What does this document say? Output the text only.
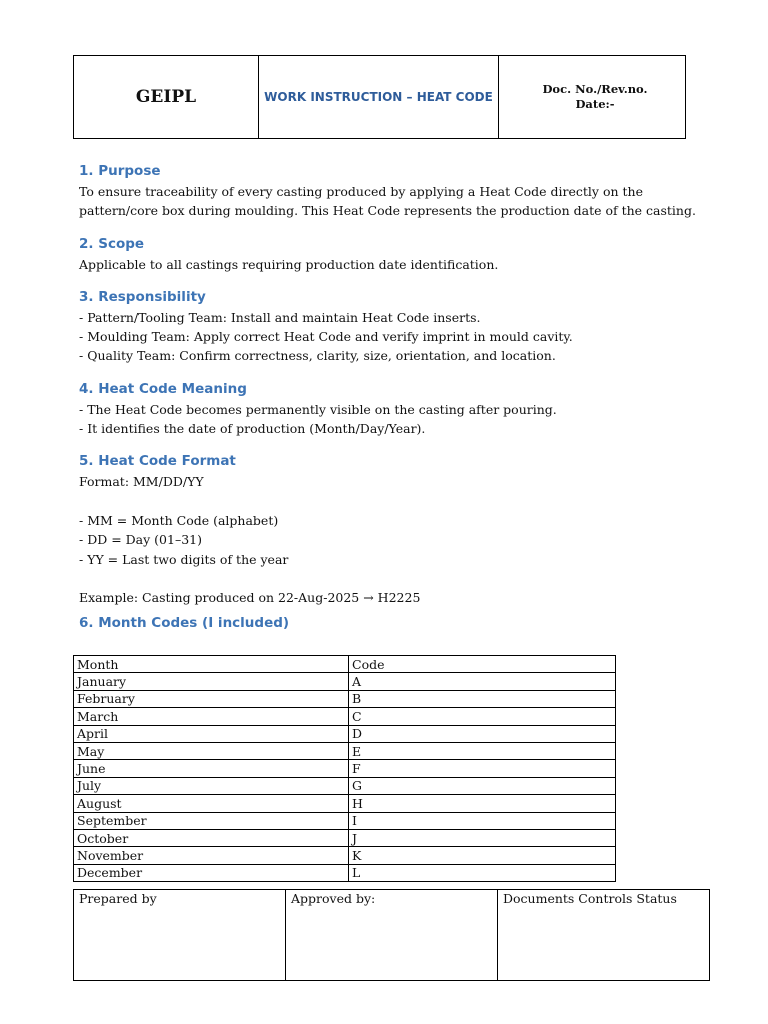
GEIPL	WORK INSTRUCTION – HEAT CODE
Doc. No./Rev.no.
Date:-

1. Purpose

To ensure traceability of every casting produced by applying a Heat Code directly on the pattern/core box during moulding. This Heat Code represents the production date of the casting.

2. Scope

Applicable to all castings requiring production date identification.

3. Responsibility

- Pattern/Tooling Team: Install and maintain Heat Code inserts.

- Moulding Team: Apply correct Heat Code and verify imprint in mould cavity.

- Quality Team: Confirm correctness, clarity, size, orientation, and location.

4. Heat Code Meaning

- The Heat Code becomes permanently visible on the casting after pouring.

- It identifies the date of production (Month/Day/Year).

5. Heat Code Format

Format: MM/DD/YY

- MM = Month Code (alphabet)

- DD = Day (01–31)

- YY = Last two digits of the year

Example: Casting produced on 22-Aug-2025 → H2225

6. Month Codes (I included)

Month	Code
January	A
February	B
March	C
April	D
May	E
June	F
July	G
August	H
September	I
October	J
November	K
December	L
Prepared by	Approved by:	Documents Controls Status
